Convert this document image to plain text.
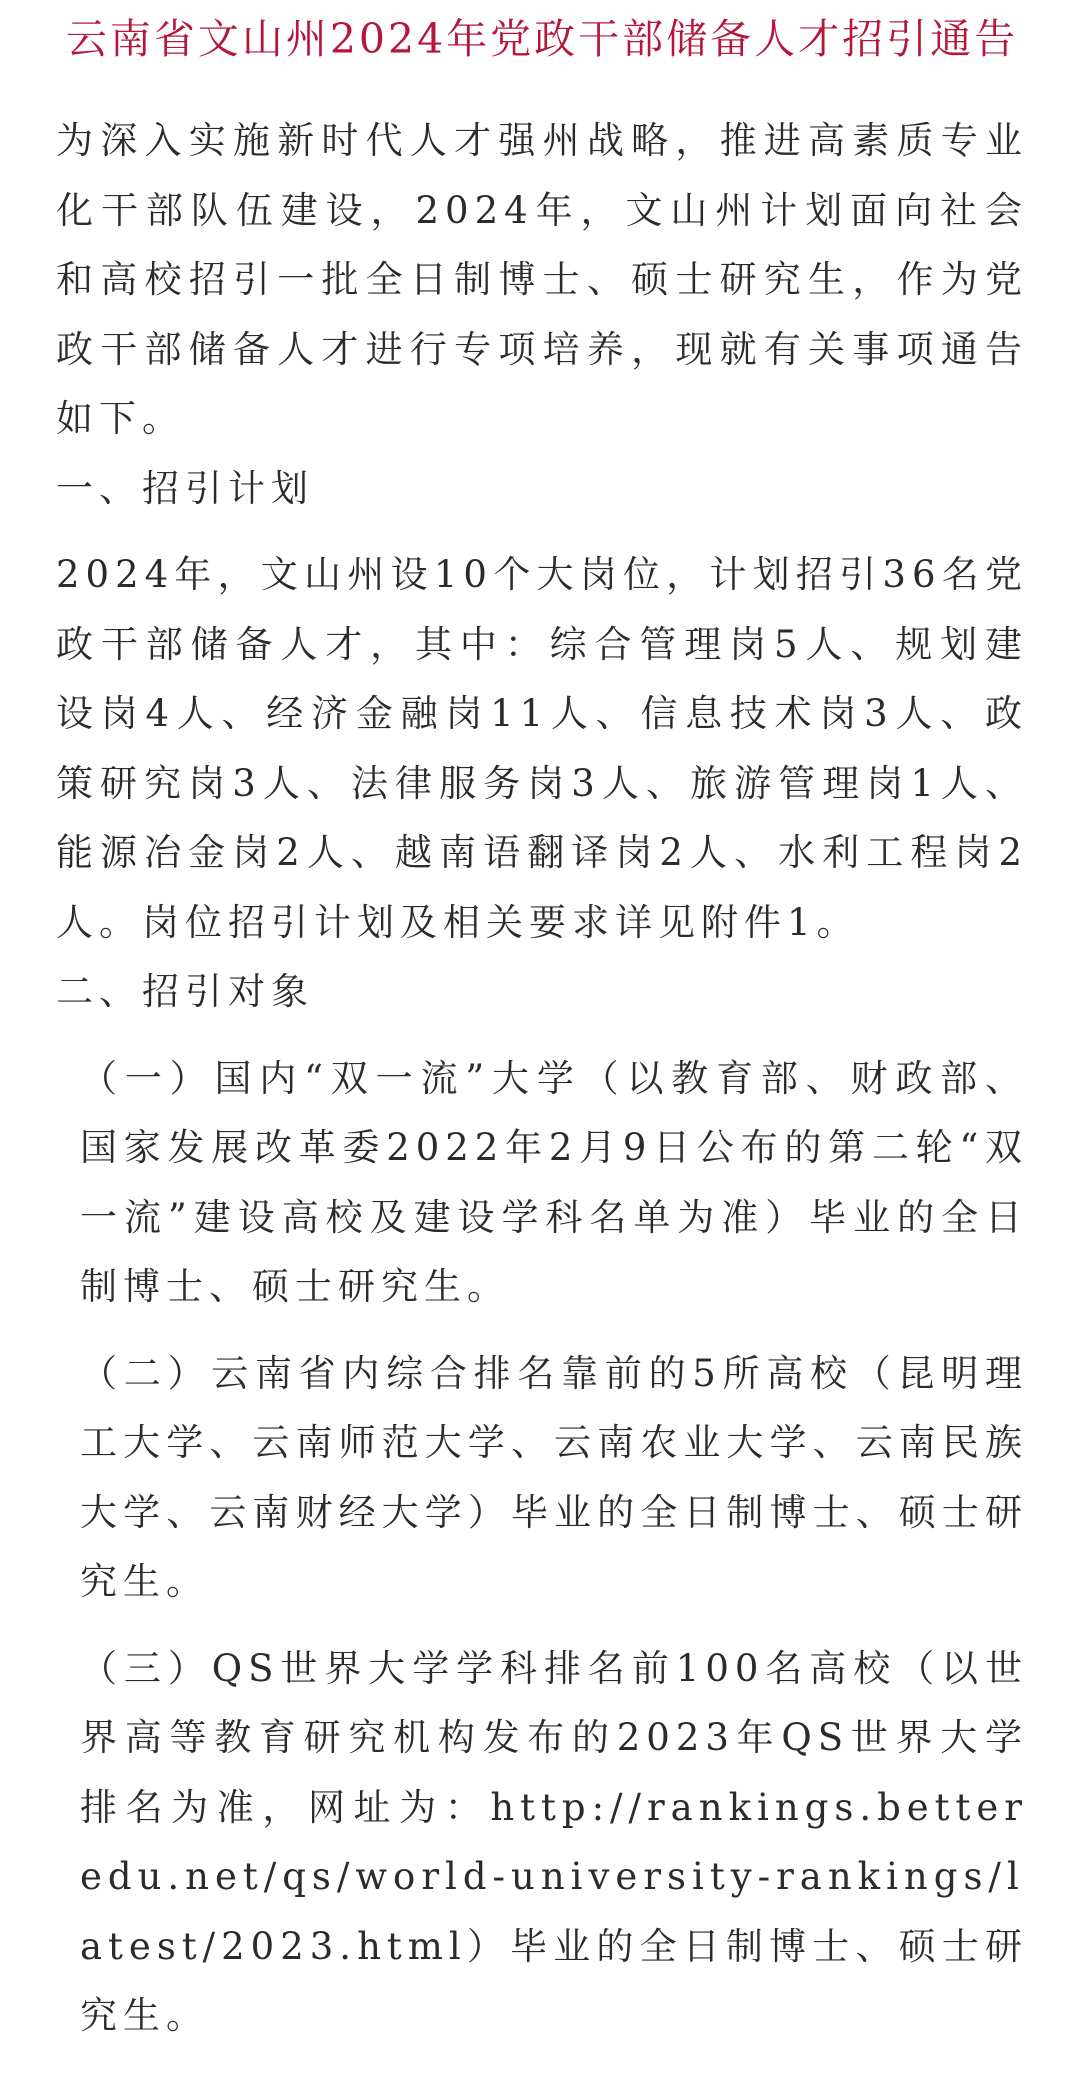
云南省文山州2024年党政干部储备人才招引通告

为深入实施新时代人才强州战略，推进高素质专业化干部队伍建设，2024年，文山州计划面向社会和高校招引一批全日制博士、硕士研究生，作为党政干部储备人才进行专项培养，现就有关事项通告如下。

一、招引计划

2024年，文山州设10个大岗位，计划招引36名党政干部储备人才，其中：综合管理岗5人、规划建设岗4人、经济金融岗11人、信息技术岗3人、政策研究岗3人、法律服务岗3人、旅游管理岗1人、能源冶金岗2人、越南语翻译岗2人、水利工程岗2人。岗位招引计划及相关要求详见附件1。

二、招引对象

（一）国内“双一流”大学（以教育部、财政部、国家发展改革委2022年2月9日公布的第二轮“双一流”建设高校及建设学科名单为准）毕业的全日制博士、硕士研究生。

（二）云南省内综合排名靠前的5所高校（昆明理工大学、云南师范大学、云南农业大学、云南民族大学、云南财经大学）毕业的全日制博士、硕士研究生。

（三）QS世界大学学科排名前100名高校（以世界高等教育研究机构发布的2023年QS世界大学排名为准，网址为：http://rankings.betteredu.net/qs/world-university-rankings/latest/2023.html）毕业的全日制博士、硕士研究生。
